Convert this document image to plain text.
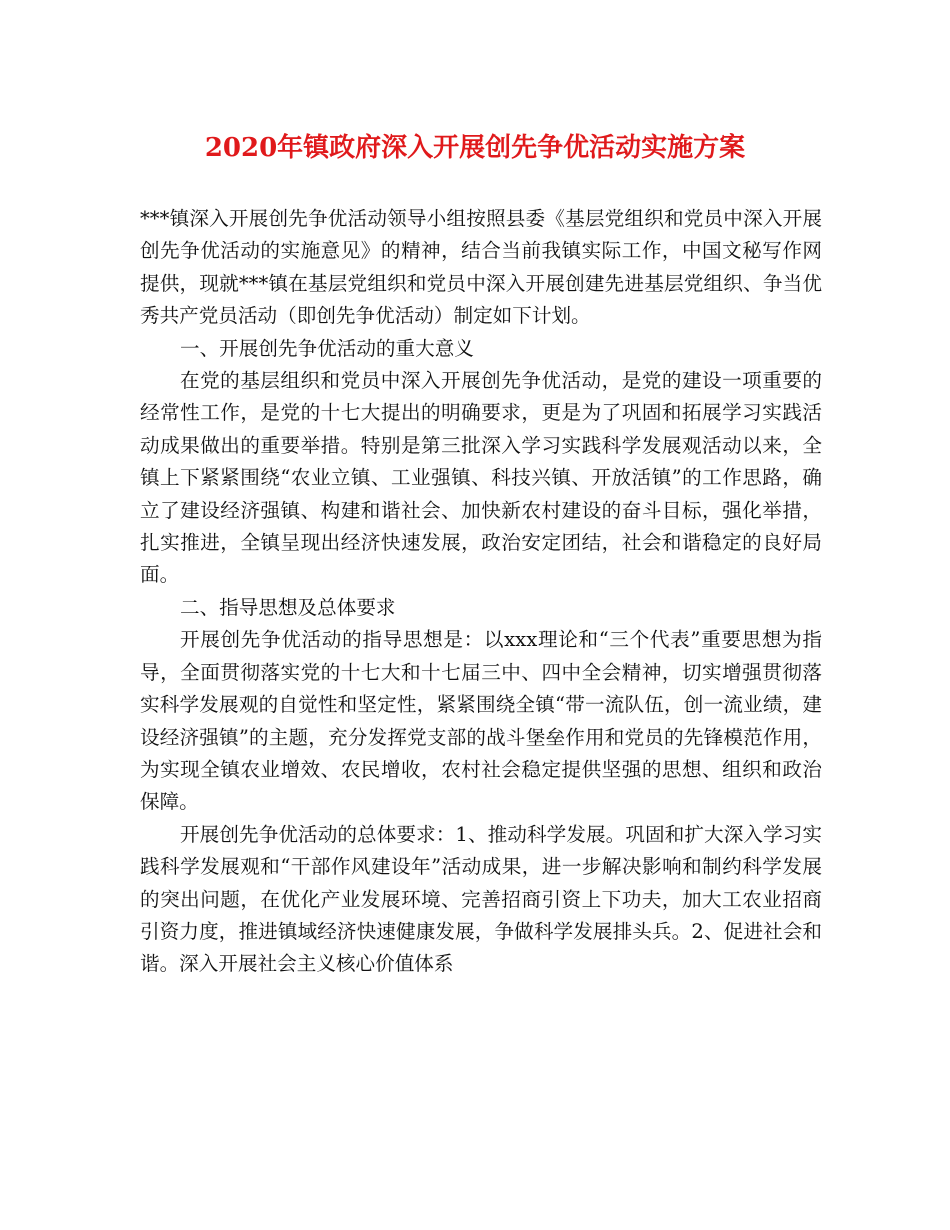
2020年镇政府深入开展创先争优活动实施方案

***镇深入开展创先争优活动领导小组按照县委《基层党组织和党员中深入开展创先争优活动的实施意见》的精神，结合当前我镇实际工作，中国文秘写作网提供，现就***镇在基层党组织和党员中深入开展创建先进基层党组织、争当优秀共产党员活动（即创先争优活动）制定如下计划。

一、开展创先争优活动的重大意义

在党的基层组织和党员中深入开展创先争优活动，是党的建设一项重要的经常性工作，是党的十七大提出的明确要求，更是为了巩固和拓展学习实践活动成果做出的重要举措。特别是第三批深入学习实践科学发展观活动以来，全镇上下紧紧围绕“农业立镇、工业强镇、科技兴镇、开放活镇”的工作思路，确立了建设经济强镇、构建和谐社会、加快新农村建设的奋斗目标，强化举措，扎实推进，全镇呈现出经济快速发展，政治安定团结，社会和谐稳定的良好局面。

二、指导思想及总体要求

开展创先争优活动的指导思想是：以xxx理论和“三个代表”重要思想为指导，全面贯彻落实党的十七大和十七届三中、四中全会精神，切实增强贯彻落实科学发展观的自觉性和坚定性，紧紧围绕全镇“带一流队伍，创一流业绩，建设经济强镇”的主题，充分发挥党支部的战斗堡垒作用和党员的先锋模范作用，为实现全镇农业增效、农民增收，农村社会稳定提供坚强的思想、组织和政治保障。

开展创先争优活动的总体要求：1、推动科学发展。巩固和扩大深入学习实践科学发展观和“干部作风建设年”活动成果，进一步解决影响和制约科学发展的突出问题，在优化产业发展环境、完善招商引资上下功夫，加大工农业招商引资力度，推进镇域经济快速健康发展，争做科学发展排头兵。2、促进社会和谐。深入开展社会主义核心价值体系
